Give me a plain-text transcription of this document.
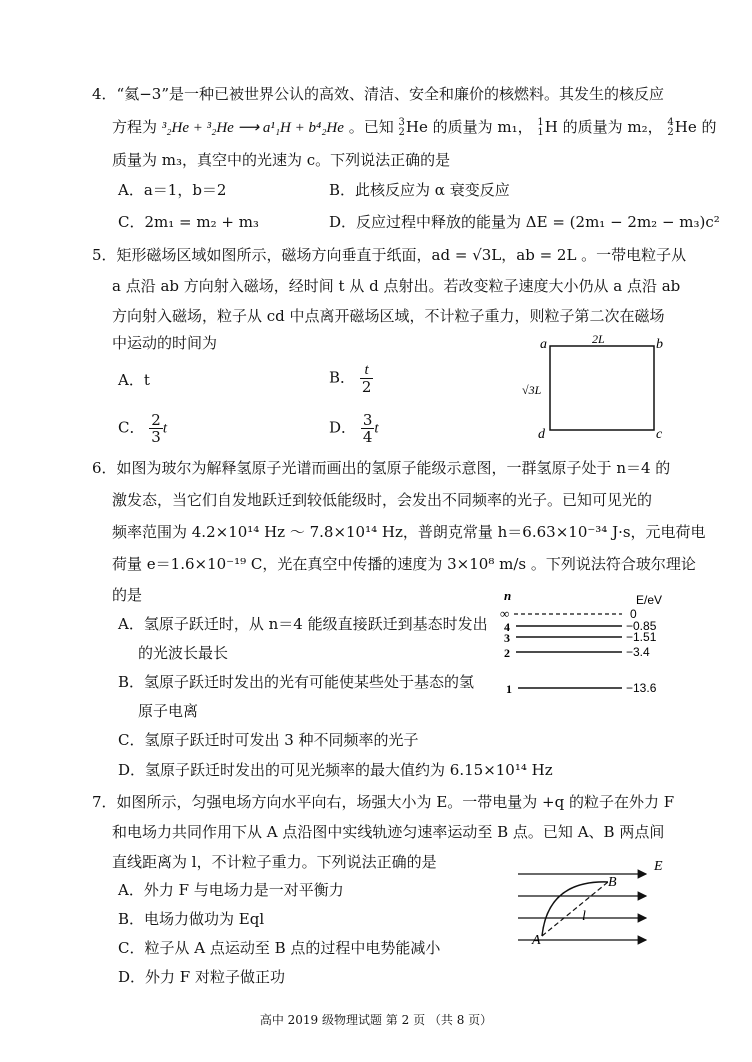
4．“氦−3”是一种已被世界公认的高效、清洁、安全和廉价的核燃料。其发生的核反应
方程为 ³₂He + ³₂He ⟶ a¹₁H + b⁴₂He 。已知 3
2He 的质量为 m₁， 1
1H 的质量为 m₂， 4
2He 的
质量为 m₃，真空中的光速为 c。下列说法正确的是
A．a＝1，b＝2	B．此核反应为 α 衰变反应
C．2m₁ = m₂ + m₃	D．反应过程中释放的能量为 ΔE = (2m₁ − 2m₂ − m₃)c²
5．矩形磁场区域如图所示，磁场方向垂直于纸面，ad = √3L，ab = 2L 。一带电粒子从
a 点沿 ab 方向射入磁场，经时间 t 从 d 点射出。若改变粒子速度大小仍从 a 点沿 ab
方向射入磁场，粒子从 cd 中点离开磁场区域，不计粒子重力，则粒子第二次在磁场
中运动的时间为
A．t	B． $\frac{t}{2}$
C． $\frac{2}{3}$ t	D． $\frac{3}{4}$ t
a	b
c
d
2L
√3L
6．如图为玻尔为解释氢原子光谱而画出的氢原子能级示意图，一群氢原子处于 n＝4 的
激发态，当它们自发地跃迁到较低能级时，会发出不同频率的光子。已知可见光的
频率范围为 4.2×10¹⁴ Hz ～ 7.8×10¹⁴ Hz，普朗克常量 h＝6.63×10⁻³⁴ J·s，元电荷电
荷量 e＝1.6×10⁻¹⁹ C，光在真空中传播的速度为 3×10⁸ m/s 。下列说法符合玻尔理论
的是
A．氢原子跃迁时，从 n＝4 能级直接跃迁到基态时发出
的光波长最长
B．氢原子跃迁时发出的光有可能使某些处于基态的氢
原子电离
C．氢原子跃迁时可发出 3 种不同频率的光子
D．氢原子跃迁时发出的可见光频率的最大值约为 6.15×10¹⁴ Hz
n	E/eV
∞	0
4	−0.85
3	−1.51
2	−3.4
1	−13.6
7．如图所示，匀强电场方向水平向右，场强大小为 E。一带电量为 +q 的粒子在外力 F
和电场力共同作用下从 A 点沿图中实线轨迹匀速率运动至 B 点。已知 A、B 两点间
直线距离为 l，不计粒子重力。下列说法正确的是
A．外力 F 与电场力是一对平衡力
B．电场力做功为 Eql
C．粒子从 A 点运动至 B 点的过程中电势能减小
D．外力 F 对粒子做正功
E
B
A
l
高中 2019 级物理试题 第 2 页 （共 8 页）
